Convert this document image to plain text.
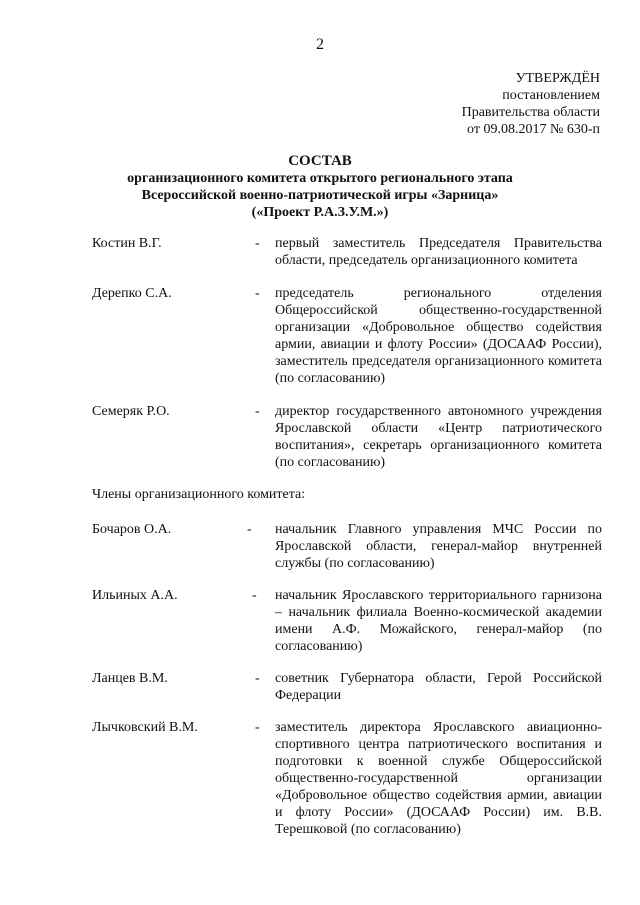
2
УТВЕРЖДЁН
постановлением
Правительства области
от 09.08.2017 № 630-п
СОСТАВ
организационного комитета открытого регионального этапа
Всероссийской военно-патриотической игры «Зарница»
(«Проект Р.А.З.У.М.»)
Костин В.Г.	- первый заместитель Председателя Правительства области, председатель организационного комитета
Дерепко С.А.	- председатель регионального отделения Общероссийской общественно-государственной организации «Добровольное общество содействия армии, авиации и флоту России» (ДОСААФ России), заместитель председателя организационного комитета (по согласованию)
Семеряк Р.О.	- директор государственного автономного учреждения Ярославской области «Центр патриотического воспитания», секретарь организационного комитета (по согласованию)
Члены организационного комитета:
Бочаров О.А.	- начальник Главного управления МЧС России по Ярославской области, генерал-майор внутренней службы (по согласованию)
Ильиных А.А.	- начальник Ярославского территориального гарнизона – начальник филиала Военно-космической академии имени А.Ф. Можайского, генерал-майор (по согласованию)
Ланцев В.М.	- советник Губернатора области, Герой Российской Федерации
Лычковский В.М.	- заместитель директора Ярославского авиационно-спортивного центра патриотического воспитания и подготовки к военной службе Общероссийской общественно-государственной организации «Добровольное общество содействия армии, авиации и флоту России» (ДОСААФ России) им. В.В. Терешковой (по согласованию)
